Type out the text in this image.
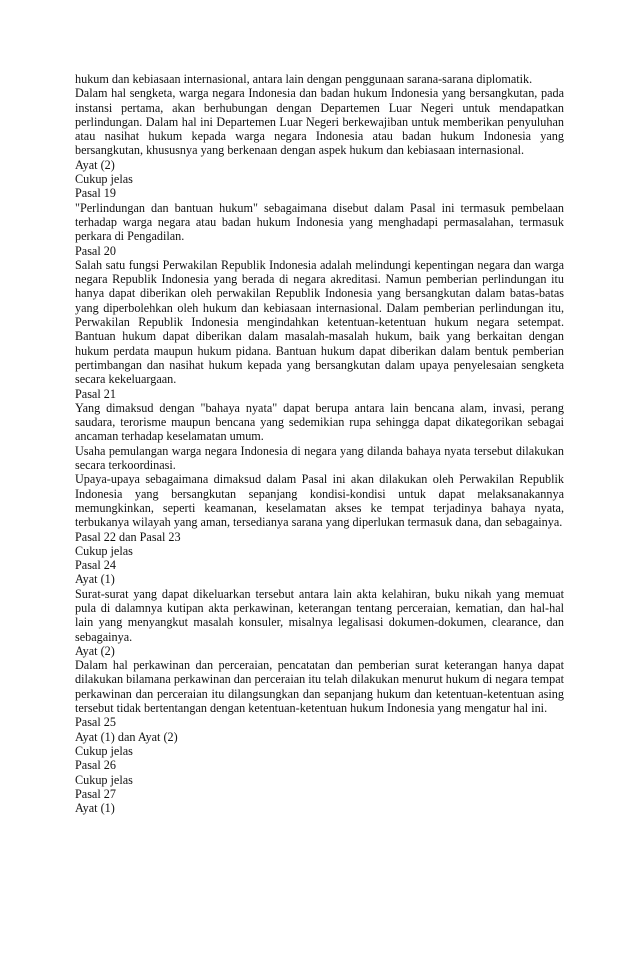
hukum dan kebiasaan internasional, antara lain dengan penggunaan sarana-sarana diplomatik.

Dalam hal sengketa, warga negara Indonesia dan badan hukum Indonesia yang bersangkutan, pada instansi pertama, akan berhubungan dengan Departemen Luar Negeri untuk mendapatkan perlindungan. Dalam hal ini Departemen Luar Negeri berkewajiban untuk memberikan penyuluhan atau nasihat hukum kepada warga negara Indonesia atau badan hukum Indonesia yang bersangkutan, khususnya yang berkenaan dengan aspek hukum dan kebiasaan internasional.

Ayat (2)

Cukup jelas

Pasal 19

"Perlindungan dan bantuan hukum" sebagaimana disebut dalam Pasal ini termasuk pembelaan terhadap warga negara atau badan hukum Indonesia yang menghadapi permasalahan, termasuk perkara di Pengadilan.

Pasal 20

Salah satu fungsi Perwakilan Republik Indonesia adalah melindungi kepentingan negara dan warga negara Republik Indonesia yang berada di negara akreditasi. Namun pemberian perlindungan itu hanya dapat diberikan oleh perwakilan Republik Indonesia yang bersangkutan dalam batas-batas yang diperbolehkan oleh hukum dan kebiasaan internasional. Dalam pemberian perlindungan itu, Perwakilan Republik Indonesia mengindahkan ketentuan-ketentuan hukum negara setempat. Bantuan hukum dapat diberikan dalam masalah-masalah hukum, baik yang berkaitan dengan hukum perdata maupun hukum pidana. Bantuan hukum dapat diberikan dalam bentuk pemberian pertimbangan dan nasihat hukum kepada yang bersangkutan dalam upaya penyelesaian sengketa secara kekeluargaan.

Pasal 21

Yang dimaksud dengan "bahaya nyata" dapat berupa antara lain bencana alam, invasi, perang saudara, terorisme maupun bencana yang sedemikian rupa sehingga dapat dikategorikan sebagai ancaman terhadap keselamatan umum.

Usaha pemulangan warga negara Indonesia di negara yang dilanda bahaya nyata tersebut dilakukan secara terkoordinasi.

Upaya-upaya sebagaimana dimaksud dalam Pasal ini akan dilakukan oleh Perwakilan Republik Indonesia yang bersangkutan sepanjang kondisi-kondisi untuk dapat melaksanakannya memungkinkan, seperti keamanan, keselamatan akses ke tempat terjadinya bahaya nyata, terbukanya wilayah yang aman, tersedianya sarana yang diperlukan termasuk dana, dan sebagainya.

Pasal 22 dan Pasal 23

Cukup jelas

Pasal 24

Ayat (1)

Surat-surat yang dapat dikeluarkan tersebut antara lain akta kelahiran, buku nikah yang memuat pula di dalamnya kutipan akta perkawinan, keterangan tentang perceraian, kematian, dan hal-hal lain yang menyangkut masalah konsuler, misalnya legalisasi dokumen-dokumen, clearance, dan sebagainya.

Ayat (2)

Dalam hal perkawinan dan perceraian, pencatatan dan pemberian surat keterangan hanya dapat dilakukan bilamana perkawinan dan perceraian itu telah dilakukan menurut hukum di negara tempat perkawinan dan perceraian itu dilangsungkan dan sepanjang hukum dan ketentuan-ketentuan asing tersebut tidak bertentangan dengan ketentuan-ketentuan hukum Indonesia yang mengatur hal ini.

Pasal 25

Ayat (1) dan Ayat (2)

Cukup jelas

Pasal 26

Cukup jelas

Pasal 27

Ayat (1)
